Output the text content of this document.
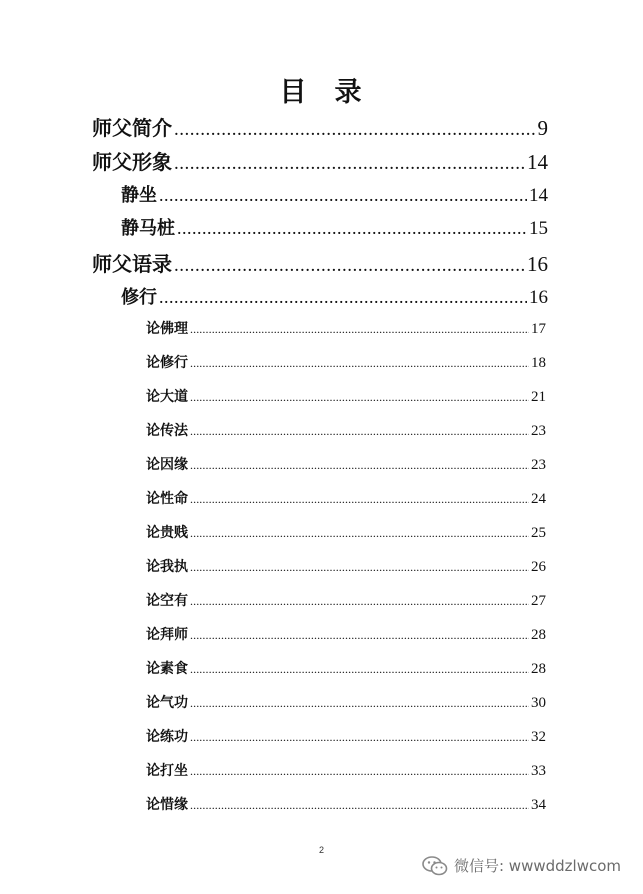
目 录
师父简介 .....	9
师父形象 .....	14
静坐 .....	14
静马桩 .....	15
师父语录 .....	16
修行 .....	16
论佛理 .....	17
论修行 .....	18
论大道 .....	21
论传法 .....	23
论因缘 .....	23
论性命 .....	24
论贵贱 .....	25
论我执 .....	26
论空有 .....	27
论拜师 .....	28
论素食 .....	28
论气功 .....	30
论练功 .....	32
论打坐 .....	33
论惜缘 .....	34
2
微信号: wwwddzlwcom
